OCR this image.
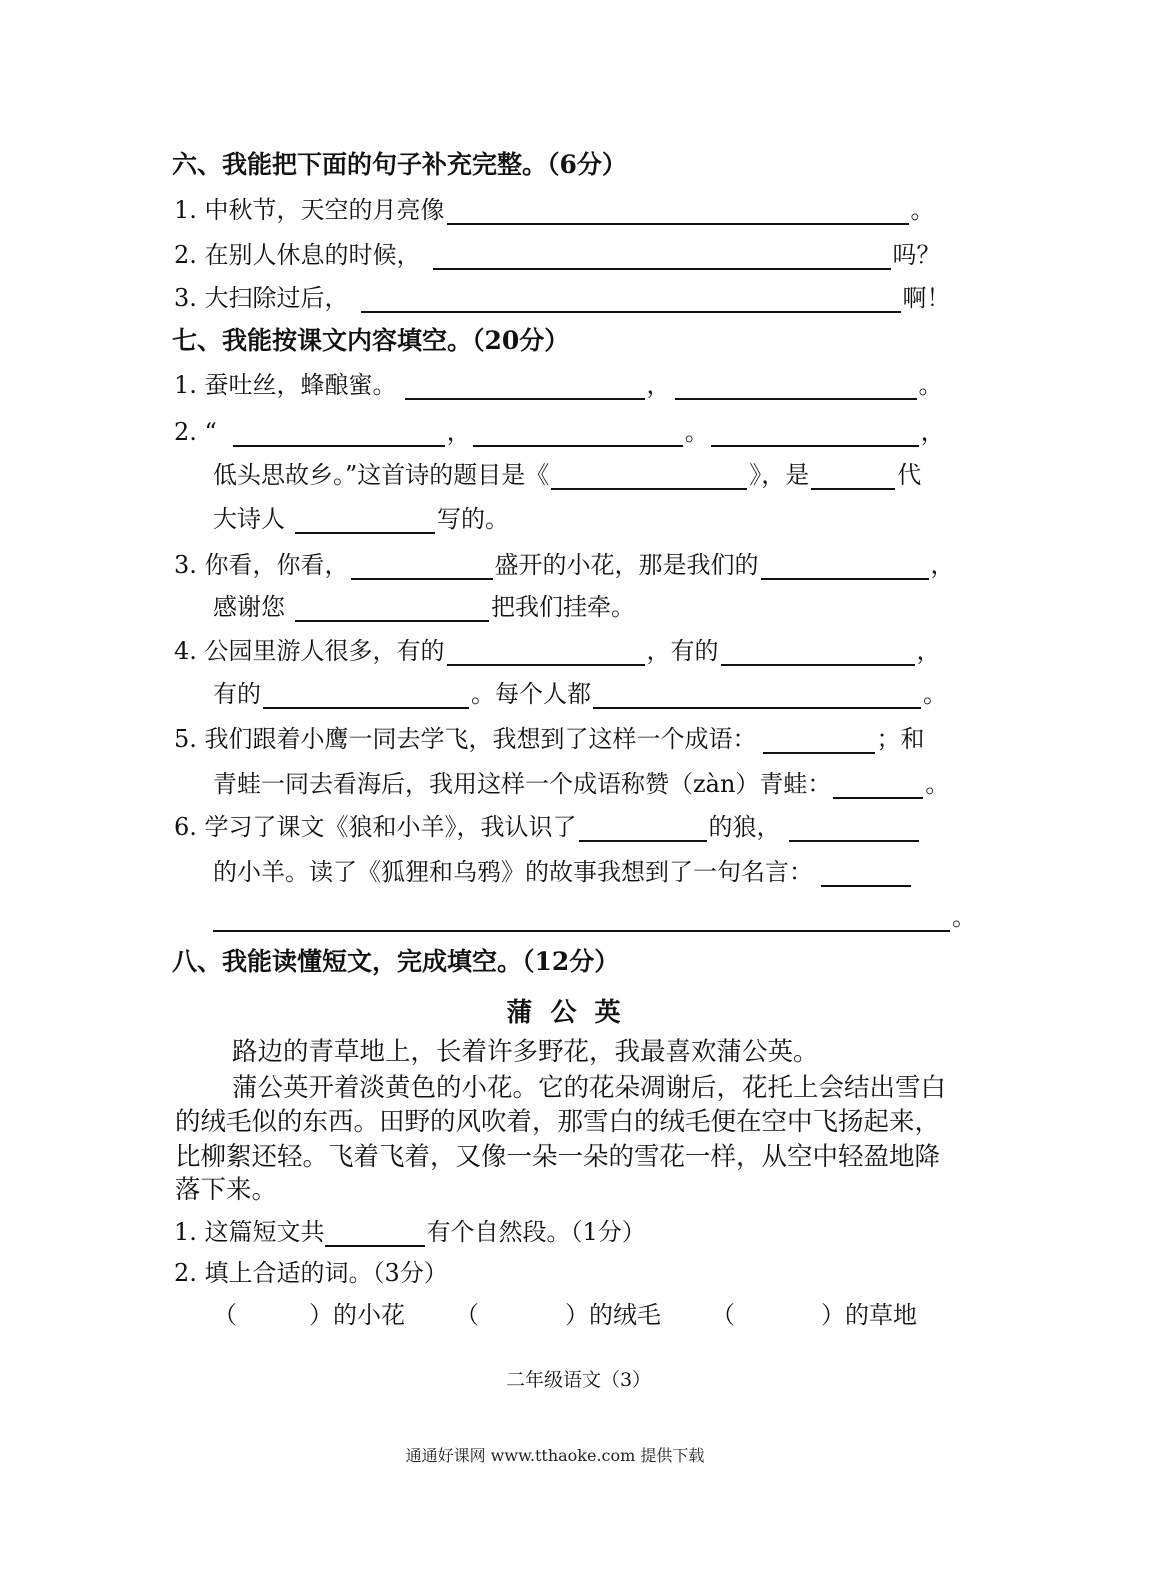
六、我能把下面的句子补充完整。（6分）
1. 中秋节，天空的月亮像	。
2. 在别人休息的时候，	吗？
3. 大扫除过后，	啊！
七、我能按课文内容填空。（20分）
1. 蚕吐丝，蜂酿蜜。	，	。
2. “	，	。	，
低头思故乡。”这首诗的题目是《	》，是	代
大诗人	写的。
3. 你看，你看，	盛开的小花，那是我们的	，
感谢您	把我们挂牵。
4. 公园里游人很多，有的	，有的	，
有的	。每个人都	。
5. 我们跟着小鹰一同去学飞，我想到了这样一个成语：	；和
青蛙一同去看海后，我用这样一个成语称赞（zàn）青蛙：	。
6. 学习了课文《狼和小羊》，我认识了	的狼，
的小羊。读了《狐狸和乌鸦》的故事我想到了一句名言：
。
八、我能读懂短文，完成填空。（12分）
蒲公英
路边的青草地上，长着许多野花，我最喜欢蒲公英。
蒲公英开着淡黄色的小花。它的花朵凋谢后，花托上会结出雪白
的绒毛似的东西。田野的风吹着，那雪白的绒毛便在空中飞扬起来，
比柳絮还轻。飞着飞着，又像一朵一朵的雪花一样，从空中轻盈地降
落下来。
1. 这篇短文共	有个自然段。（1分）
2. 填上合适的词。（3分）
（	）的小花 （	）的绒毛 （	）的草地
二年级语文（3）
通通好课网 www.tthaoke.com 提供下载
